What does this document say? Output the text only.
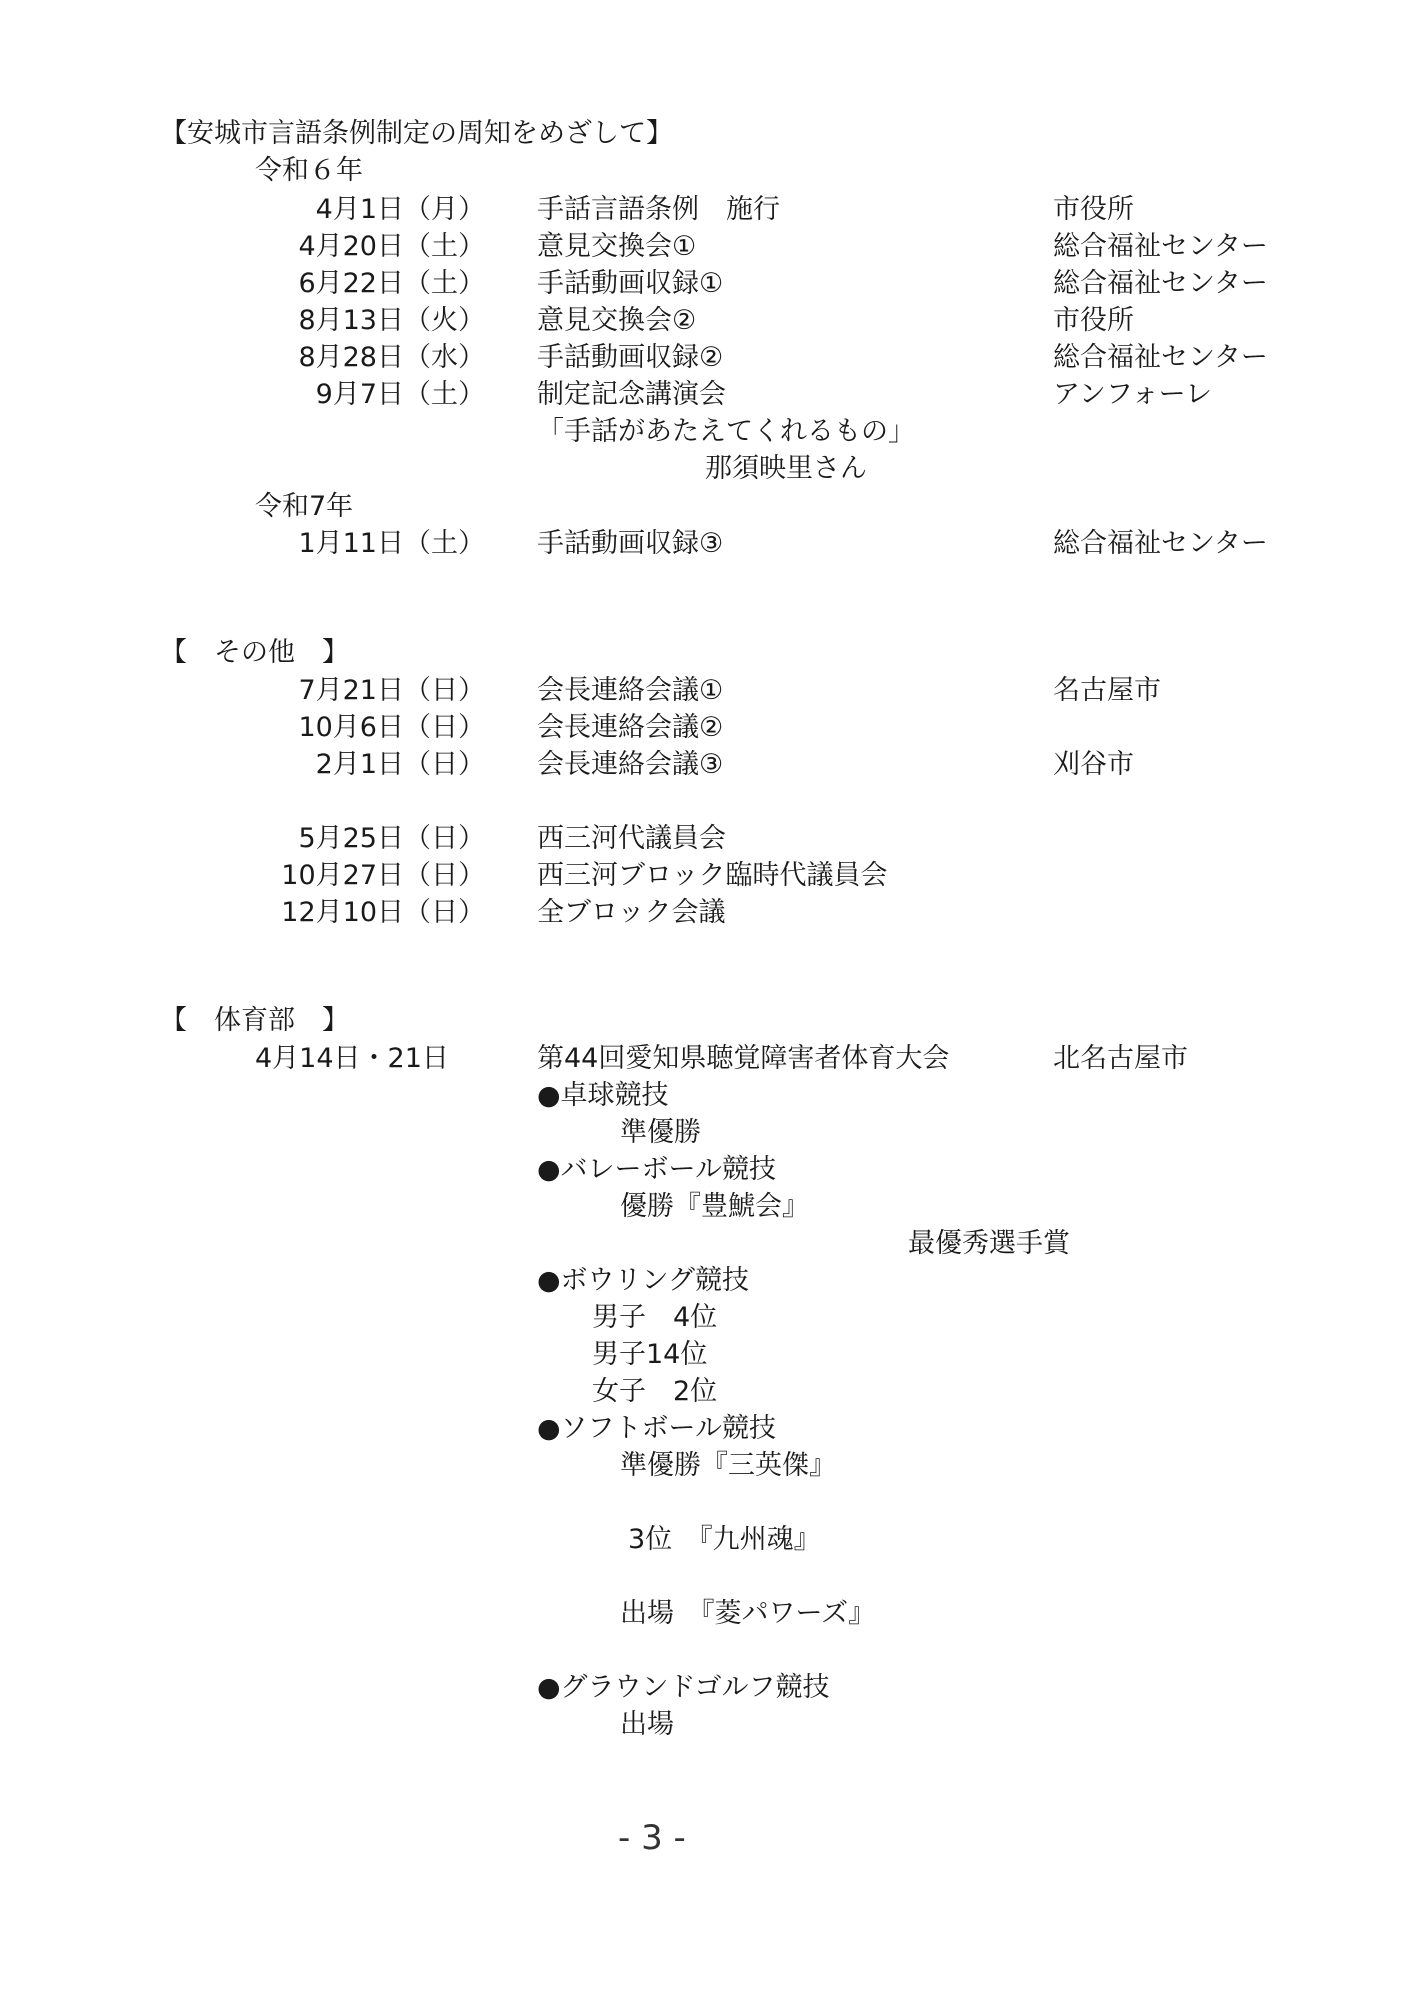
【安城市言語条例制定の周知をめざして】
令和６年
4月1日（月） 手話言語条例　施行	市役所
4月20日（土） 意見交換会①	総合福祉センター
6月22日（土） 手話動画収録①	総合福祉センター
8月13日（火） 意見交換会②	市役所
8月28日（水） 手話動画収録②	総合福祉センター
9月7日（土） 制定記念講演会	アンフォーレ
「手話があたえてくれるもの」
那須映里さん
令和7年
1月11日（土） 手話動画収録③	総合福祉センター
【　その他　】
7月21日（日） 会長連絡会議①	名古屋市
10月6日（日） 会長連絡会議②
2月1日（日） 会長連絡会議③	刈谷市
5月25日（日） 西三河代議員会
10月27日（日） 西三河ブロック臨時代議員会
12月10日（日） 全ブロック会議
【　体育部　】
4月14日・21日	第44回愛知県聴覚障害者体育大会	北名古屋市
●卓球競技
準優勝
●バレーボール競技
優勝『豊鯱会』
最優秀選手賞
●ボウリング競技
男子　4位
男子14位
女子　2位
●ソフトボール競技
準優勝『三英傑』
3位　『九州魂』
出場　『菱パワーズ』
●グラウンドゴルフ競技
出場
- 3 -
